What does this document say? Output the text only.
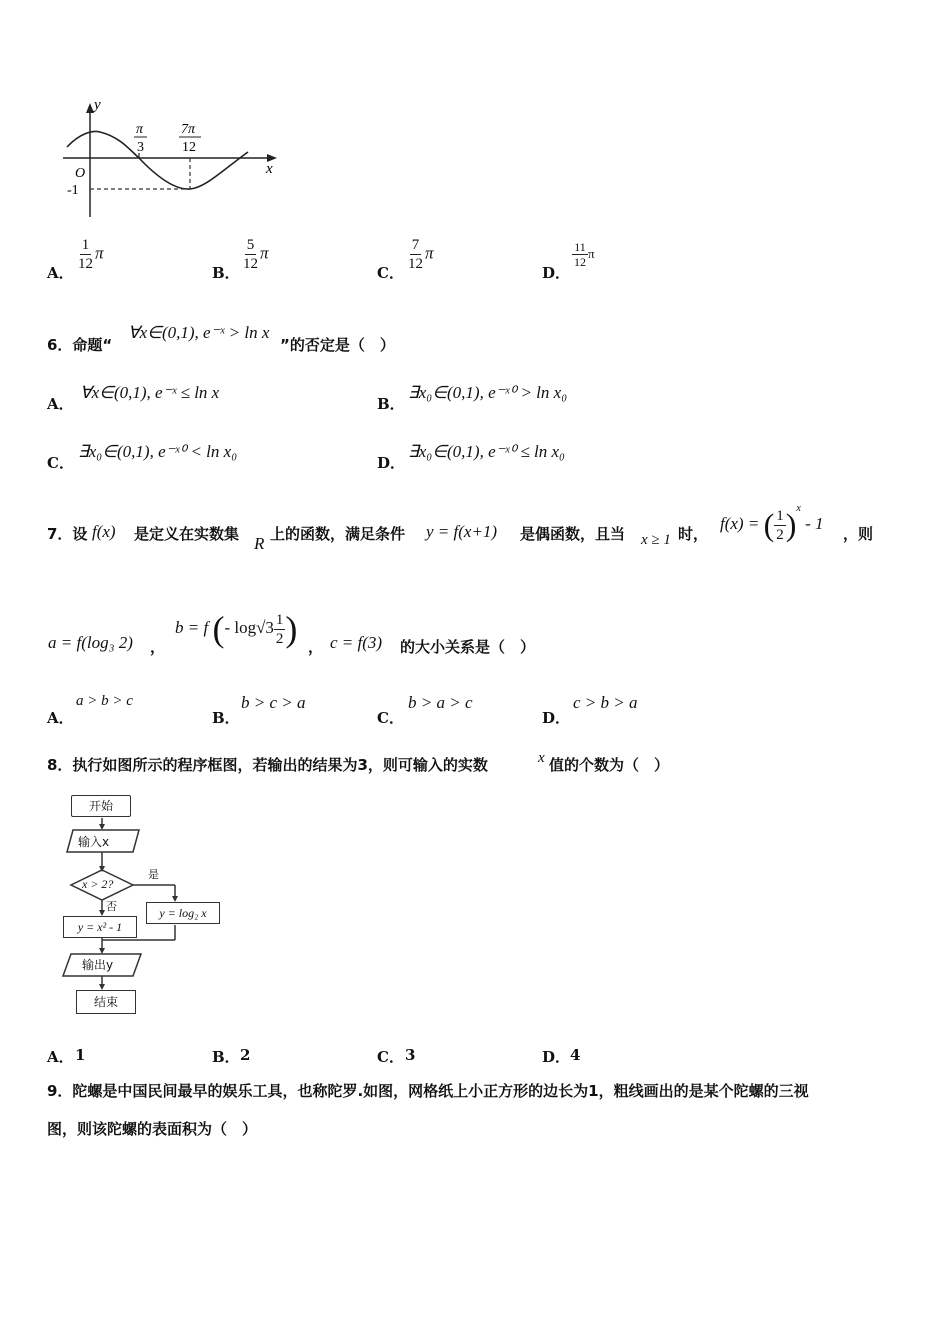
y
x
O
-1
π
3
7π
12
A． $\frac{1}{12}$ π
B． $\frac{5}{12}$ π
C． $\frac{7}{12}$ π
D．
$\frac{11}{12}$ π
6．命题“
∀x∈(0,1), e⁻ˣ > ln x
”的否定是（　）
A．
∀x∈(0,1), e⁻ˣ ≤ ln x
B．
∃x₀∈(0,1), e⁻ˣ⁰ > ln x₀
C．
∃x₀∈(0,1), e⁻ˣ⁰ < ln x₀
D．
∃x₀∈(0,1), e⁻ˣ⁰ ≤ ln x₀
7．设 f(x) 是定义在实数集 R 上的函数，满足条件 y = f(x+1) 是偶函数，且当 x ≥ 1 时，
f(x) = ( $\frac{1}{2} )^x - 1$
，则
a = f(log₃ 2) ，
b = f (- $\log√3 \frac{1}{2}$ ) ， c = f(3) 的大小关系是（　）
A．
a > b > c
B．
b > c > a
C．
b > a > c
D．
c > b > a
8．执行如图所示的程序框图，若输出的结果为3，则可输入的实数	x 值的个数为（　）
开始
输入x
x > 2?
是
否	y = log₂ x
y = x² - 1
输出y
结束
A． 1	B． 2	C． 3	D． 4
9．陀螺是中国民间最早的娱乐工具，也称陀罗.如图，网格纸上小正方形的边长为1，粗线画出的是某个陀螺的三视
图，则该陀螺的表面积为（　）
